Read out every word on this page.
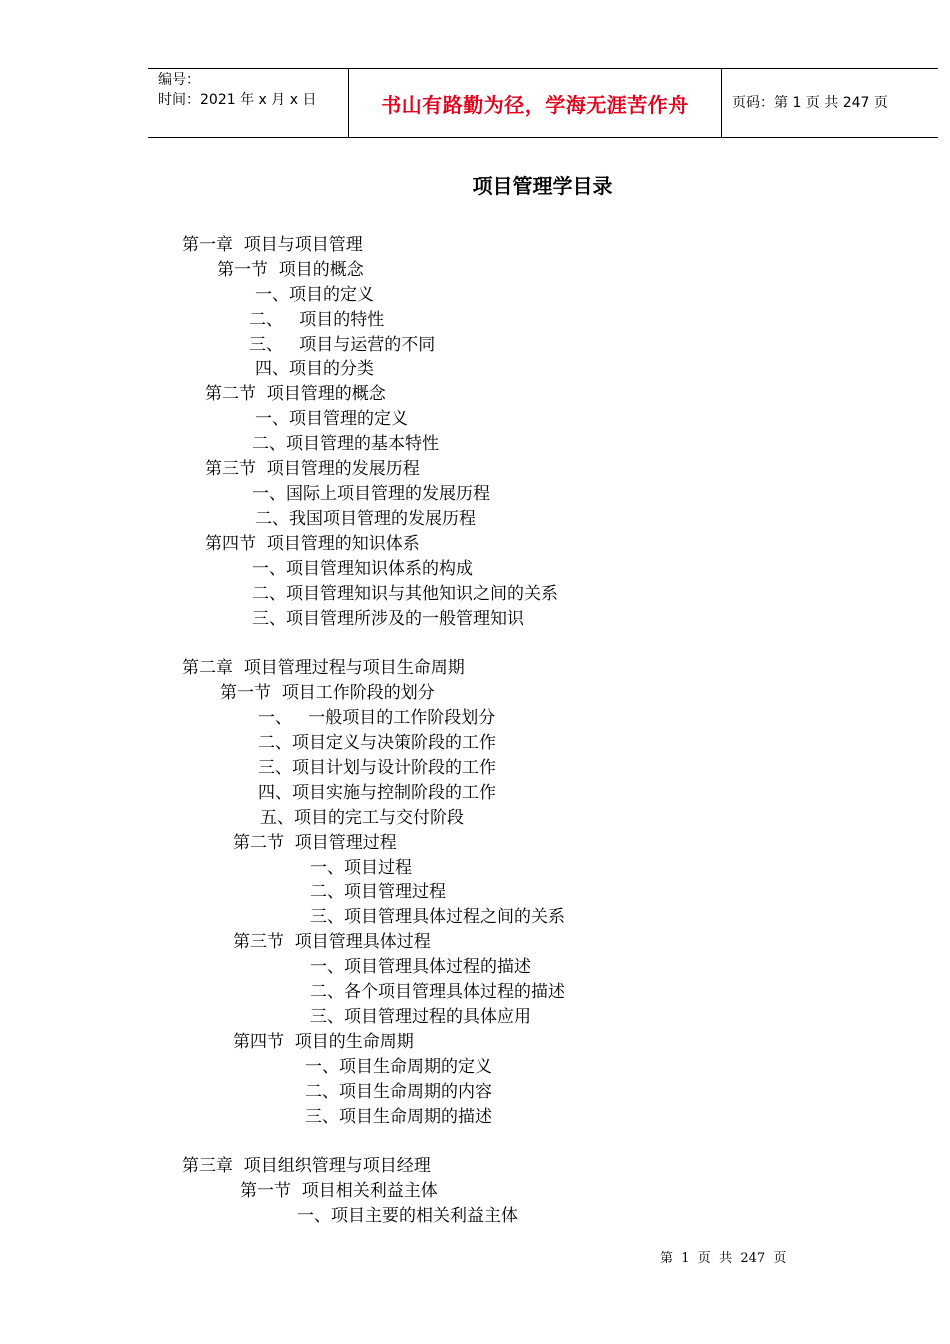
编号：
时间：2021 年 x 月 x 日	书山有路勤为径，学海无涯苦作舟	页码：第 1 页 共 247 页
项目管理学目录
第一章  项目与项目管理
第一节  项目的概念
一、项目的定义
二、   项目的特性
三、   项目与运营的不同
四、项目的分类
第二节  项目管理的概念
一、项目管理的定义
二、项目管理的基本特性
第三节  项目管理的发展历程
一、国际上项目管理的发展历程
二、我国项目管理的发展历程
第四节  项目管理的知识体系
一、项目管理知识体系的构成
二、项目管理知识与其他知识之间的关系
三、项目管理所涉及的一般管理知识
第二章  项目管理过程与项目生命周期
第一节  项目工作阶段的划分
一、   一般项目的工作阶段划分
二、项目定义与决策阶段的工作
三、项目计划与设计阶段的工作
四、项目实施与控制阶段的工作
五、项目的完工与交付阶段
第二节  项目管理过程
一、项目过程
二、项目管理过程
三、项目管理具体过程之间的关系
第三节  项目管理具体过程
一、项目管理具体过程的描述
二、各个项目管理具体过程的描述
三、项目管理过程的具体应用
第四节  项目的生命周期
一、项目生命周期的定义
二、项目生命周期的内容
三、项目生命周期的描述
第三章  项目组织管理与项目经理
第一节  项目相关利益主体
一、项目主要的相关利益主体
第  1  页  共  247  页
